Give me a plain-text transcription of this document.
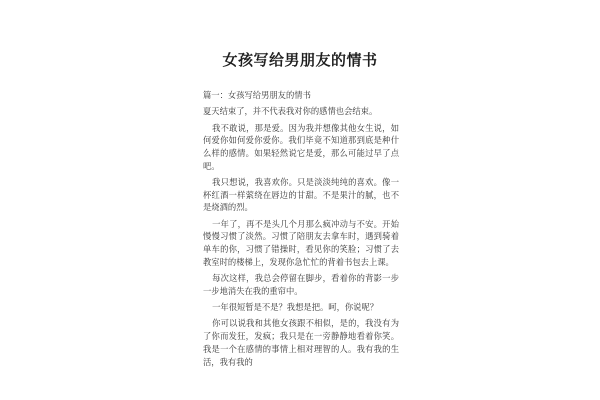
女孩写给男朋友的情书

篇一：女孩写给男朋友的情书

夏天结束了，并不代表我对你的感情也会结束。

我不敢说，那是爱。因为我并想像其他女生说，如何爱你如何爱你爱你。我们毕竟不知道那到底是种什么样的感情。如果轻然说它是爱，那么可能过早了点吧。

我只想说，我喜欢你。只是淡淡纯纯的喜欢。像一杯红酒一样萦绕在唇边的甘甜。不是果汁的腻，也不是烧酒的烈。

一年了，再不是头几个月那么疯冲动与不安。开始慢慢习惯了淡然。习惯了陪朋友去拿车时，遇到骑着单车的你，习惯了错操时，看见你的笑脸；习惯了去教室时的楼梯上，发现你急忙忙的背着书包去上课。

每次这样，我总会停留在脚步，看着你的背影一步一步地消失在我的重帘中。

一年很短暂是不是？我想是把。呵，你说呢？

你可以说我和其他女孩跟不相似，是的，我没有为了你而发狂，发疯；我只是在一旁静静地看着你笑。我是一个在感情的事情上相对理智的人。我有我的生活，我有我的
